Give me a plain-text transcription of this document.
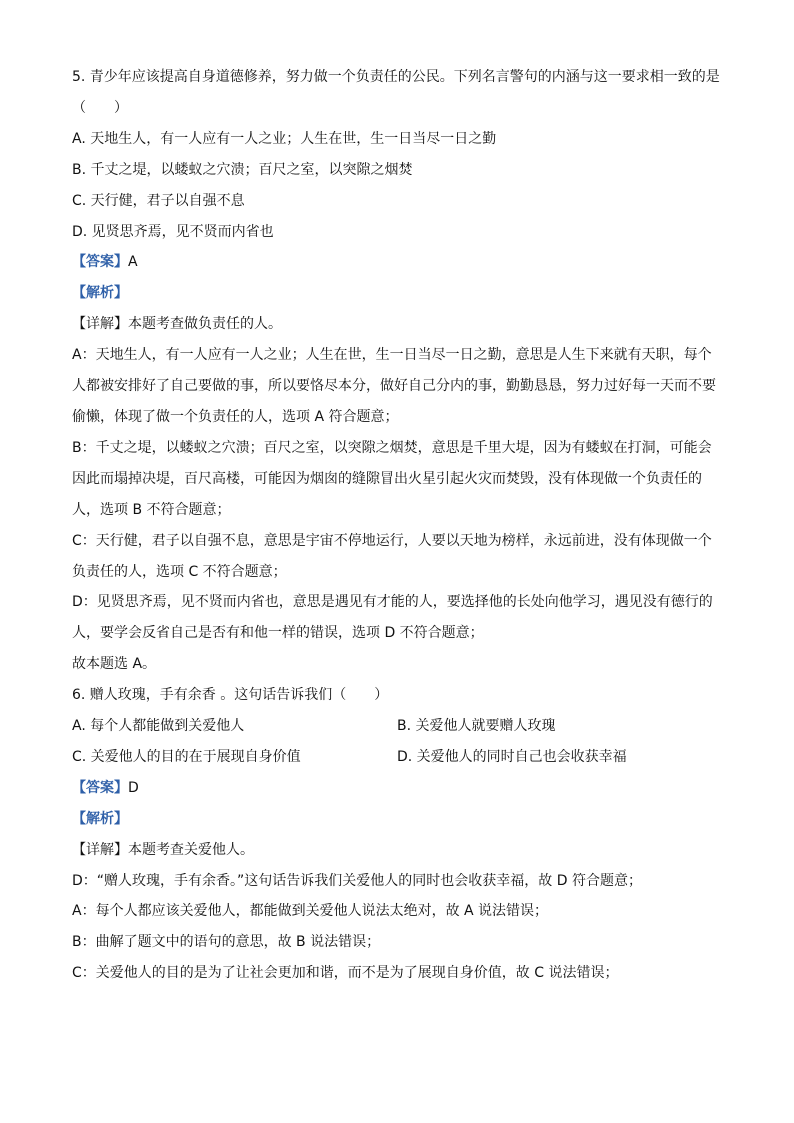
5. 青少年应该提高自身道德修养，努力做一个负责任的公民。下列名言警句的内涵与这一要求相一致的是
（　　）
A. 天地生人，有一人应有一人之业；人生在世，生一日当尽一日之勤
B. 千丈之堤，以蝼蚁之穴溃；百尺之室，以突隙之烟焚
C. 天行健，君子以自强不息
D. 见贤思齐焉，见不贤而内省也
【答案】A
【解析】
【详解】本题考查做负责任的人。
A：天地生人，有一人应有一人之业；人生在世，生一日当尽一日之勤，意思是人生下来就有天职，每个
人都被安排好了自己要做的事，所以要恪尽本分，做好自己分内的事，勤勤恳恳，努力过好每一天而不要
偷懒，体现了做一个负责任的人，选项 A 符合题意；
B：千丈之堤，以蝼蚁之穴溃；百尺之室，以突隙之烟焚，意思是千里大堤，因为有蝼蚁在打洞，可能会
因此而塌掉决堤，百尺高楼，可能因为烟囱的缝隙冒出火星引起火灾而焚毁，没有体现做一个负责任的
人，选项 B 不符合题意；
C：天行健，君子以自强不息，意思是宇宙不停地运行，人要以天地为榜样，永远前进，没有体现做一个
负责任的人，选项 C 不符合题意；
D：见贤思齐焉，见不贤而内省也，意思是遇见有才能的人，要选择他的长处向他学习，遇见没有德行的
人，要学会反省自己是否有和他一样的错误，选项 D 不符合题意；
故本题选 A。
6. 赠人玫瑰，手有余香 。这句话告诉我们（　　）
A. 每个人都能做到关爱他人	B. 关爱他人就要赠人玫瑰
C. 关爱他人的目的在于展现自身价值	D. 关爱他人的同时自己也会收获幸福
【答案】D
【解析】
【详解】本题考查关爱他人。
D：“赠人玫瑰，手有余香。”这句话告诉我们关爱他人的同时也会收获幸福，故 D 符合题意；
A：每个人都应该关爱他人，都能做到关爱他人说法太绝对，故 A 说法错误；
B：曲解了题文中的语句的意思，故 B 说法错误；
C：关爱他人的目的是为了让社会更加和谐，而不是为了展现自身价值，故 C 说法错误；
